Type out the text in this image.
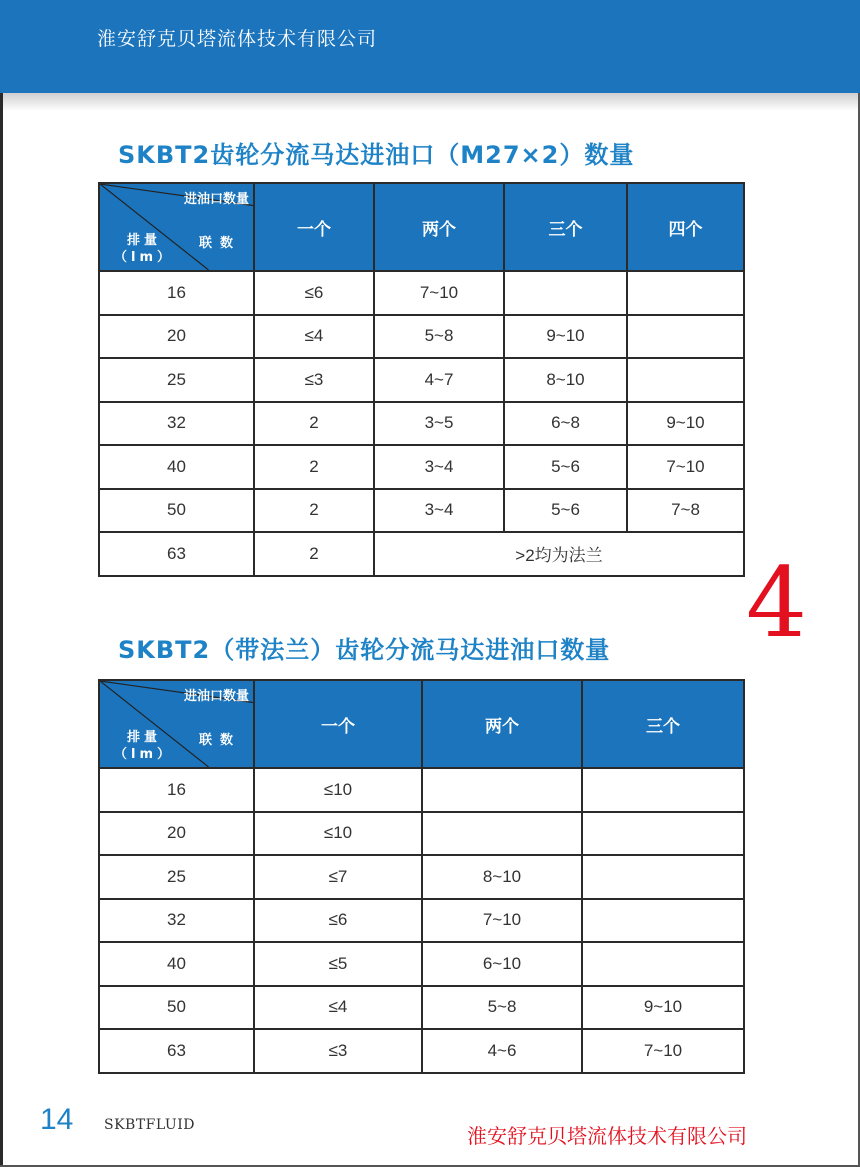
淮安舒克贝塔流体技术有限公司
SKBT2齿轮分流马达进油口（M27×2）数量
进油口数量
联数
排量
（lm）	一个	两个	三个	四个
16	≤6	7~10		
20	≤4	5~8	9~10	
25	≤3	4~7	8~10	
32	2	3~5	6~8	9~10
40	2	3~4	5~6	7~10
50	2	3~4	5~6	7~8
63	2	>2均为法兰		4
SKBT2（带法兰）齿轮分流马达进油口数量
进油口数量
联数
排量
（lm）	一个	两个	三个
16	≤10		
20	≤10		
25	≤7	8~10	
32	≤6	7~10	
40	≤5	6~10	
50	≤4	5~8	9~10
63	≤3	4~6	7~10
14 SKBTFLUID	淮安舒克贝塔流体技术有限公司
